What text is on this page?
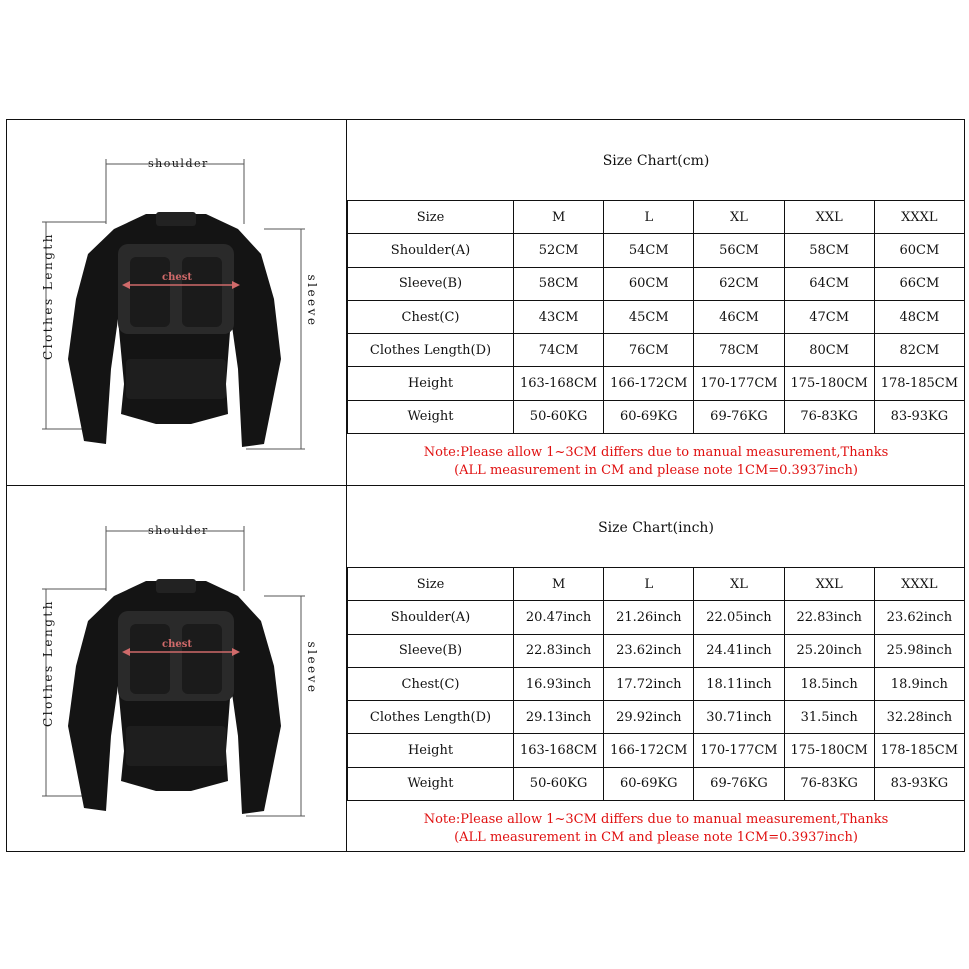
shoulder
chest
Clothes Length	sleeve
shoulder
chest
Clothes Length	sleeve
Size Chart(cm)
Size	M	L	XL	XXL	XXXL
Shoulder(A)	52CM	54CM	56CM	58CM	60CM
Sleeve(B)	58CM	60CM	62CM	64CM	66CM
Chest(C)	43CM	45CM	46CM	47CM	48CM
Clothes Length(D)	74CM	76CM	78CM	80CM	82CM
Height	163-168CM	166-172CM	170-177CM	175-180CM	178-185CM
Weight	50-60KG	60-69KG	69-76KG	76-83KG	83-93KG
Note:Please allow 1~3CM differs due to manual measurement,Thanks
(ALL measurement in CM and please note 1CM=0.3937inch)
Size Chart(inch)
Size	M	L	XL	XXL	XXXL
Shoulder(A)	20.47inch	21.26inch	22.05inch	22.83inch	23.62inch
Sleeve(B)	22.83inch	23.62inch	24.41inch	25.20inch	25.98inch
Chest(C)	16.93inch	17.72inch	18.11inch	18.5inch	18.9inch
Clothes Length(D)	29.13inch	29.92inch	30.71inch	31.5inch	32.28inch
Height	163-168CM	166-172CM	170-177CM	175-180CM	178-185CM
Weight	50-60KG	60-69KG	69-76KG	76-83KG	83-93KG
Note:Please allow 1~3CM differs due to manual measurement,Thanks
(ALL measurement in CM and please note 1CM=0.3937inch)
